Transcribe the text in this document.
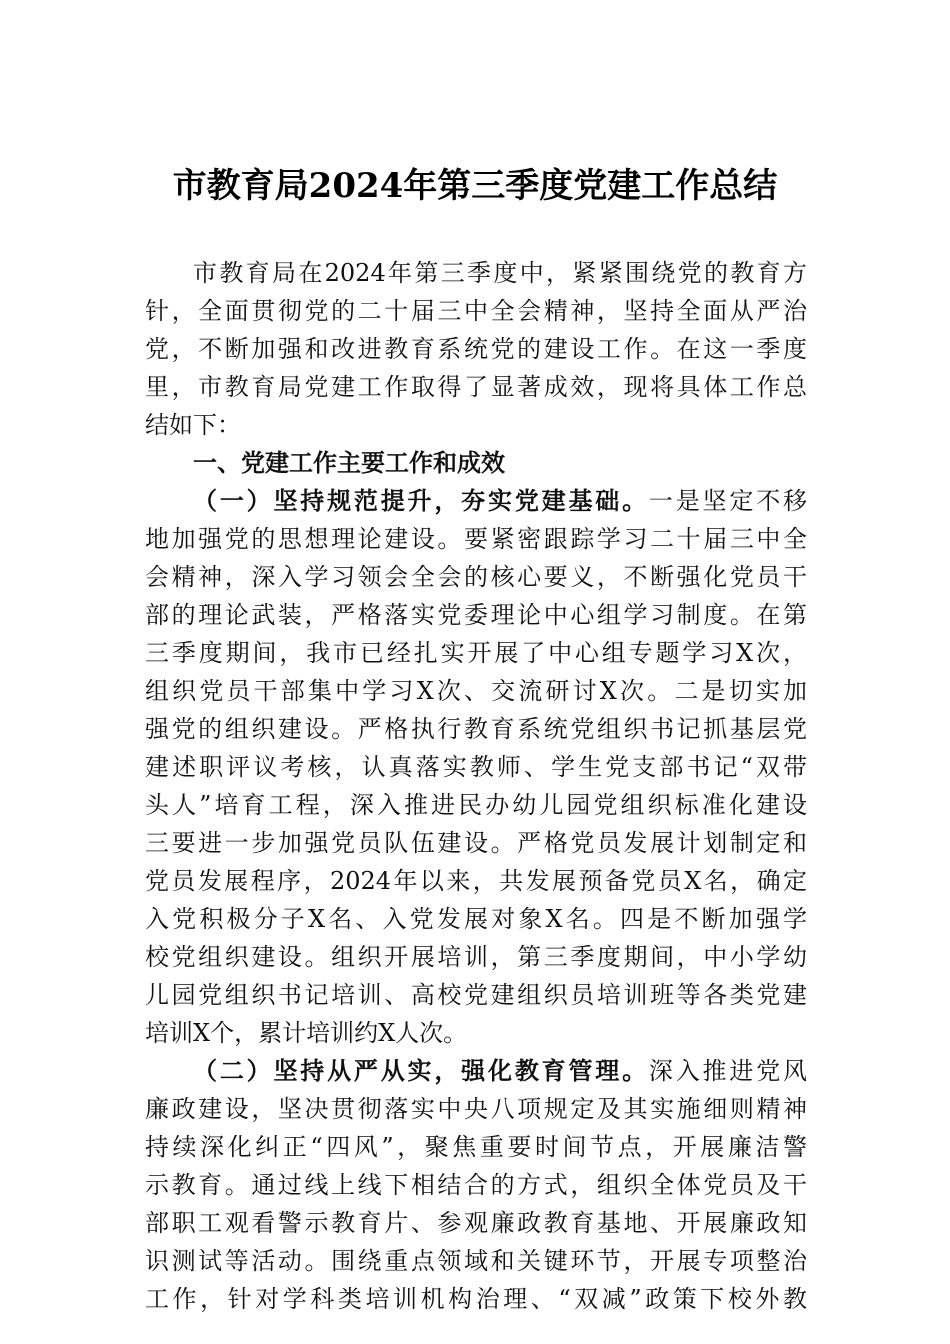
市教育局2024年第三季度党建工作总结
市教育局在2024年第三季度中，紧紧围绕党的教育方
针，全面贯彻党的二十届三中全会精神，坚持全面从严治
党，不断加强和改进教育系统党的建设工作。在这一季度
里，市教育局党建工作取得了显著成效，现将具体工作总
结如下：
一、党建工作主要工作和成效
（一）坚持规范提升，夯实党建基础。一是坚定不移
地加强党的思想理论建设。要紧密跟踪学习二十届三中全
会精神，深入学习领会全会的核心要义，不断强化党员干
部的理论武装，严格落实党委理论中心组学习制度。在第
三季度期间，我市已经扎实开展了中心组专题学习X次，
组织党员干部集中学习X次、交流研讨X次。二是切实加
强党的组织建设。严格执行教育系统党组织书记抓基层党
建述职评议考核，认真落实教师、学生党支部书记“双带
头人”培育工程，深入推进民办幼儿园党组织标准化建设
三要进一步加强党员队伍建设。严格党员发展计划制定和
党员发展程序，2024年以来，共发展预备党员X名，确定
入党积极分子X名、入党发展对象X名。四是不断加强学
校党组织建设。组织开展培训，第三季度期间，中小学幼
儿园党组织书记培训、高校党建组织员培训班等各类党建
培训X个，累计培训约X人次。
（二）坚持从严从实，强化教育管理。深入推进党风
廉政建设，坚决贯彻落实中央八项规定及其实施细则精神
持续深化纠正“四风”，聚焦重要时间节点，开展廉洁警
示教育。通过线上线下相结合的方式，组织全体党员及干
部职工观看警示教育片、参观廉政教育基地、开展廉政知
识测试等活动。围绕重点领域和关键环节，开展专项整治
工作，针对学科类培训机构治理、“双减”政策下校外教
